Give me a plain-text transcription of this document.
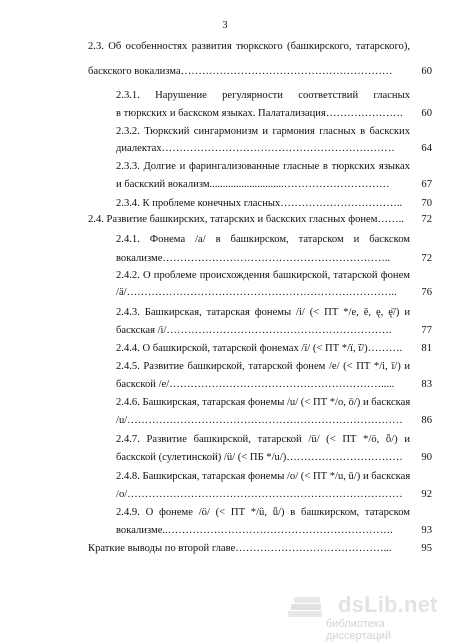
3
2.3. Об особенностях развития тюркского (башкирского, татарского),
баскского вокализма……………………………………………………	60
2.3.1. Нарушение регулярности соответствий гласных
в тюркских и баскском языках. Палатализация………………….	60
2.3.2. Тюркский сингармонизм и гармония гласных в баскских
диалектах…………………………………………………………	64
2.3.3. Долгие и фарингализованные гласные в тюркских языках
и баскский вокализм............................…………………………	67
2.3.4. К проблеме конечных гласных……………………………..	70
2.4. Развитие башкирских, татарских и баскских гласных фонем……..	72
2.4.1. Фонема /а/ в башкирском, татарском и баскском
вокализме………………………………………………………..	72
2.4.2. О проблеме происхождения башкирской, татарской фонем
/ä/…………………………………………………………………..	76
2.4.3. Башкирская, татарская фонемы /i/ (< ПТ */е, ē, ę, ę̄/) и
баскская /i/……………………………………………………….	77
2.4.4. О башкирской, татарской фонемах /ï/ (< ПТ */ï, ï̄/)……….	81
2.4.5. Развитие башкирской, татарской фонем /е/ (< ПТ */i, ī/) и
баскской /е/…………………………………………………….....	83
2.4.6. Башкирская, татарская фонемы /u/ (< ПТ */о, ō/) и баскская
/u/……………………………………………………………………	86
2.4.7. Развитие башкирской, татарской /ü/ (< ПТ */ö, ȫ/) и
баскской (сулетинской) /ü/ (< ПБ */u/)……………………………	90
2.4.8. Башкирская, татарская фонемы /о/ (< ПТ */u, ū/) и баскская
/о/……………………………………………………………………	92
2.4.9. О фонеме /ö/ (< ПТ */ü, ǖ/) в башкирском, татарском
вокализме..……………………………………………………….	93
Краткие выводы по второй главе……………………………………...	95
dsLib.net
библиотека диссертаций
